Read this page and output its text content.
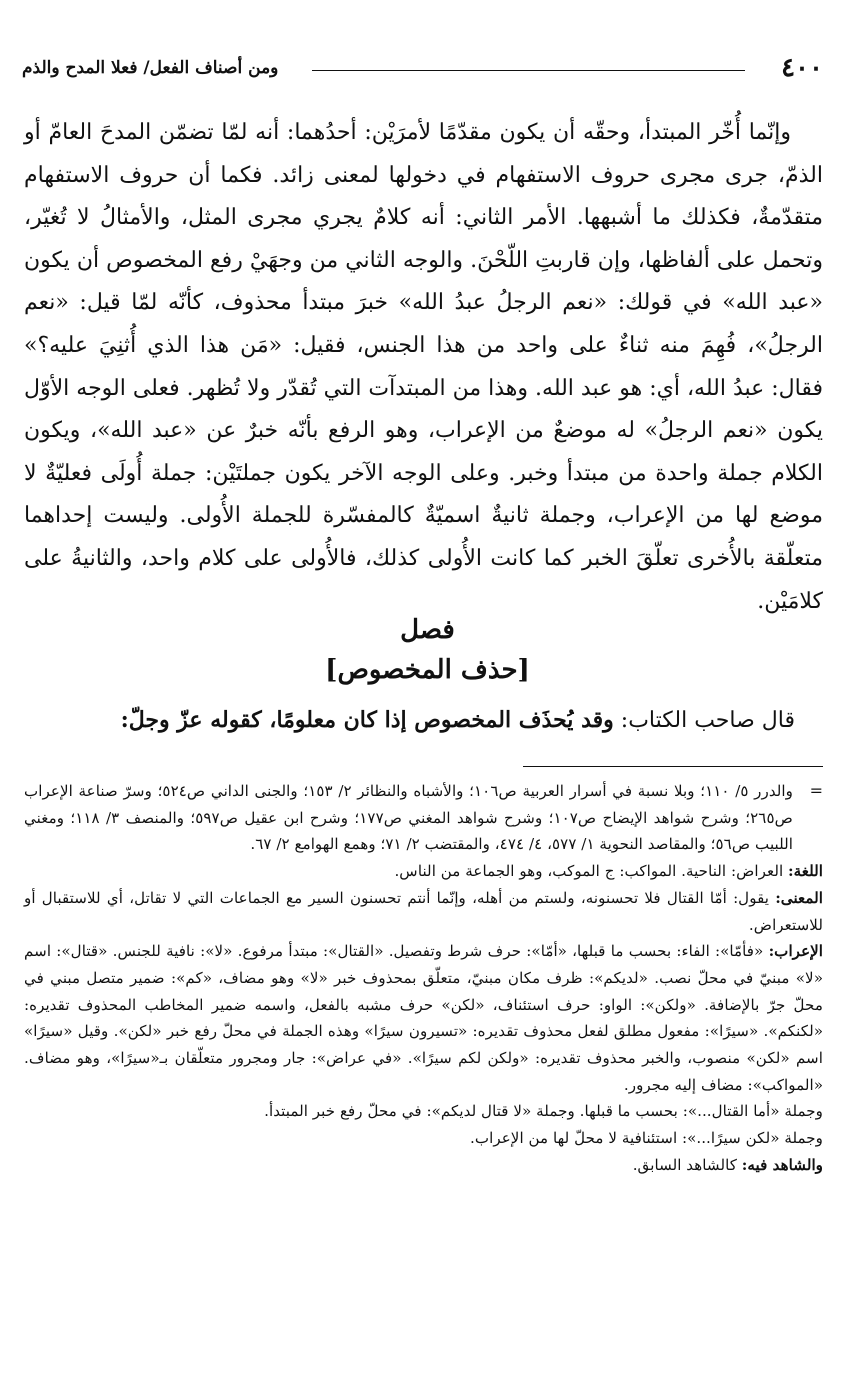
٤٠٠
ومن أصناف الفعل/ فعلا المدح والذم

وإنّما أُخّر المبتدأ، وحقّه أن يكون مقدّمًا لأمرَيْن: أحدُهما: أنه لمّا تضمّن المدحَ العامّ أو الذمّ، جرى مجرى حروف الاستفهام في دخولها لمعنى زائد. فكما أن حروف الاستفهام متقدّمةٌ، فكذلك ما أشبهها. الأمر الثاني: أنه كلامٌ يجري مجرى المثل، والأمثالُ لا تُغيّر، وتحمل على ألفاظها، وإن قاربتِ اللّحْنَ. والوجه الثاني من وجهَيْ رفع المخصوص أن يكون «عبد الله» في قولك: «نعم الرجلُ عبدُ الله» خبرَ مبتدأ محذوف، كأنّه لمّا قيل: «نعم الرجلُ»، فُهِمَ منه ثناءٌ على واحد من هذا الجنس، فقيل: «مَن هذا الذي أُثنِيَ عليه؟» فقال: عبدُ الله، أي: هو عبد الله. وهذا من المبتدآت التي تُقدّر ولا تُظهر. فعلى الوجه الأوّل يكون «نعم الرجلُ» له موضعٌ من الإعراب، وهو الرفع بأنّه خبرٌ عن «عبد الله»، ويكون الكلام جملة واحدة من مبتدأ وخبر. وعلى الوجه الآخر يكون جملتَيْن: جملة أُولَى فعليّةٌ لا موضع لها من الإعراب، وجملة ثانيةٌ اسميّةٌ كالمفسّرة للجملة الأُولى. وليست إحداهما متعلّقة بالأُخرى تعلّقَ الخبر كما كانت الأُولى كذلك، فالأُولى على كلام واحد، والثانيةُ على كلامَيْن.

فصل
[حذف المخصوص]
قال صاحب الكتاب: وقد يُحذَف المخصوص إذا كان معلومًا، كقوله عزّ وجلّ:
=
والدرر ٥/ ١١٠؛ وبلا نسبة في أسرار العربية ص١٠٦؛ والأشباه والنظائر ٢/ ١٥٣؛ والجنى الداني ص٥٢٤؛ وسرّ صناعة الإعراب ص٢٦٥؛ وشرح شواهد الإيضاح ص١٠٧؛ وشرح شواهد المغني ص١٧٧؛ وشرح ابن عقيل ص٥٩٧؛ والمنصف ٣/ ١١٨؛ ومغني اللبيب ص٥٦؛ والمقاصد النحوية ١/ ٥٧٧، ٤/ ٤٧٤، والمقتضب ٢/ ٧١؛ وهمع الهوامع ٢/ ٦٧.
اللغة: العراض: الناحية. المواكب: ج الموكب، وهو الجماعة من الناس.
المعنى: يقول: أمّا القتال فلا تحسنونه، ولستم من أهله، وإنّما أنتم تحسنون السير مع الجماعات التي لا تقاتل، أي للاستقبال أو للاستعراض.
الإعراب: «فأمّا»: الفاء: بحسب ما قبلها، «أمّا»: حرف شرط وتفصيل. «القتال»: مبتدأ مرفوع. «لا»: نافية للجنس. «قتال»: اسم «لا» مبنيّ في محلّ نصب. «لديكم»: ظرف مكان مبنيّ، متعلّق بمحذوف خبر «لا» وهو مضاف، «كم»: ضمير متصل مبني في محلّ جرّ بالإضافة. «ولكن»: الواو: حرف استئناف، «لكن» حرف مشبه بالفعل، واسمه ضمير المخاطب المحذوف تقديره: «لكنكم». «سيرًا»: مفعول مطلق لفعل محذوف تقديره: «تسيرون سيرًا» وهذه الجملة في محلّ رفع خبر «لكن». وقيل «سيرًا» اسم «لكن» منصوب، والخبر محذوف تقديره: «ولكن لكم سيرًا». «في عراض»: جار ومجرور متعلّقان بـ«سيرًا»، وهو مضاف. «المواكب»: مضاف إليه مجرور.
وجملة «أما القتال...»: بحسب ما قبلها. وجملة «لا قتال لديكم»: في محلّ رفع خبر المبتدأ.
وجملة «لكن سيرًا...»: استئنافية لا محلّ لها من الإعراب.
والشاهد فيه: كالشاهد السابق.
